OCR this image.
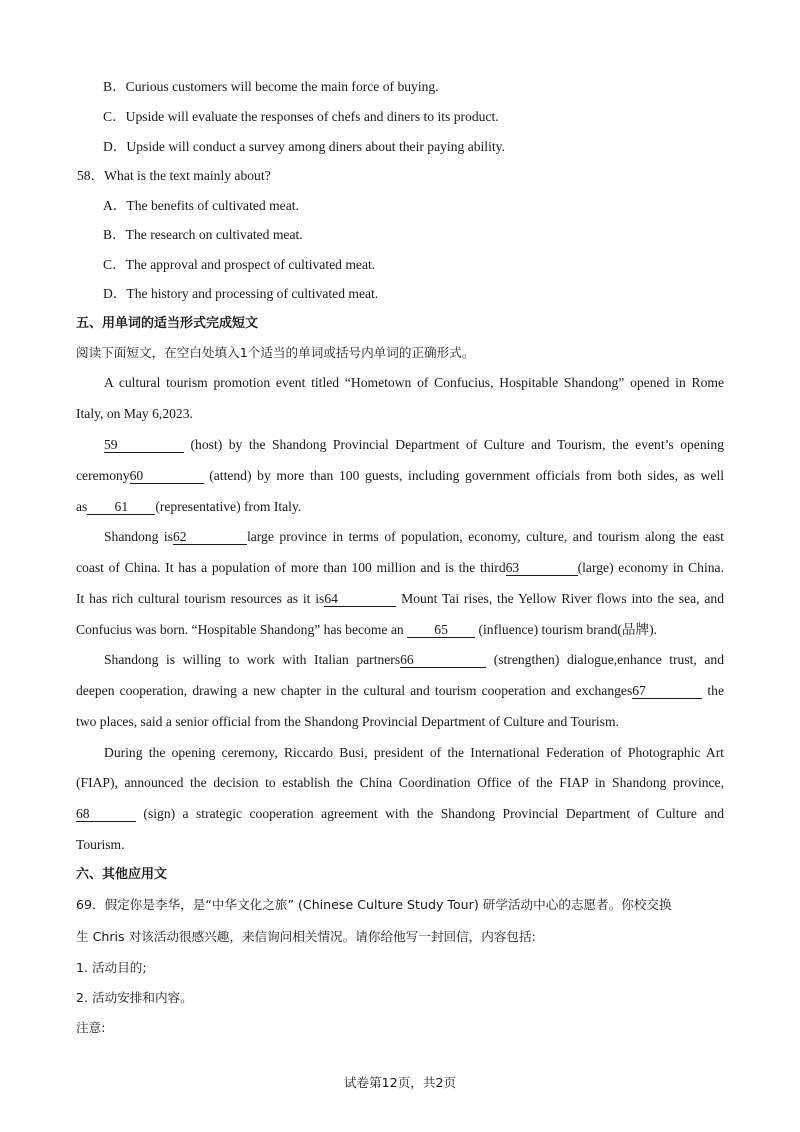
B．Curious customers will become the main force of buying.
C．Upside will evaluate the responses of chefs and diners to its product.
D．Upside will conduct a survey among diners about their paying ability.
58．What is the text mainly about?
A．The benefits of cultivated meat.
B．The research on cultivated meat.
C．The approval and prospect of cultivated meat.
D．The history and processing of cultivated meat.
五、用单词的适当形式完成短文
阅读下面短文，在空白处填入1个适当的单词或括号内单词的正确形式。
A cultural tourism promotion event titled “Hometown of Confucius, Hospitable Shandong” opened in Rome
Italy, on May 6,2023.
59	(host) by the Shandong Provincial Department of Culture and Tourism, the event’s opening
ceremony60	(attend) by more than 100 guests, including government officials from both sides, as well
as 61 (representative) from Italy.
Shandong is62	large province in terms of population, economy, culture, and tourism along the east
coast of China. It has a population of more than 100 million and is the third63	(large) economy in China.
It has rich cultural tourism resources as it is64	Mount Tai rises, the Yellow River flows into the sea, and
Confucius was born. “Hospitable Shandong” has become an 65 (influence) tourism brand(品牌).
Shandong is willing to work with Italian partners66	(strengthen) dialogue,enhance trust, and
deepen cooperation, drawing a new chapter in the cultural and tourism cooperation and exchanges67	the
two places, said a senior official from the Shandong Provincial Department of Culture and Tourism.
During the opening ceremony, Riccardo Busi, president of the International Federation of Photographic Art
(FIAP), announced the decision to establish the China Coordination Office of the FIAP in Shandong province,
68	(sign) a strategic cooperation agreement with the Shandong Provincial Department of Culture and
Tourism.
六、其他应用文
69．假定你是李华，是“中华文化之旅” (Chinese Culture Study Tour) 研学活动中心的志愿者。你校交换
生 Chris 对该活动很感兴趣，来信询问相关情况。请你给他写一封回信，内容包括:
1. 活动目的;
2. 活动安排和内容。
注意:
试卷第12页，共2页
